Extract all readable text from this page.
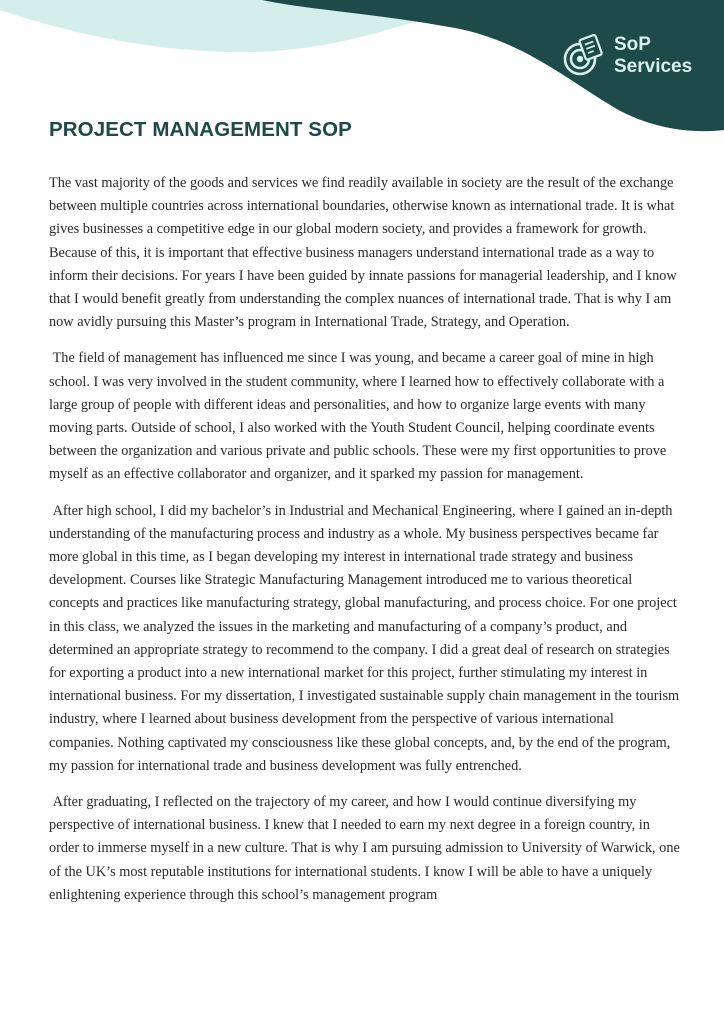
SoP
Services
PROJECT MANAGEMENT SOP

The vast majority of the goods and services we find readily available in society are the result of the exchange between multiple countries across international boundaries, otherwise known as international trade. It is what gives businesses a competitive edge in our global modern society, and provides a framework for growth. Because of this, it is important that effective business managers understand international trade as a way to inform their decisions. For years I have been guided by innate passions for managerial leadership, and I know that I would benefit greatly from understanding the complex nuances of international trade. That is why I am now avidly pursuing this Master’s program in International Trade, Strategy, and Operation.

The field of management has influenced me since I was young, and became a career goal of mine in high school. I was very involved in the student community, where I learned how to effectively collaborate with a large group of people with different ideas and personalities, and how to organize large events with many moving parts. Outside of school, I also worked with the Youth Student Council, helping coordinate events between the organization and various private and public schools. These were my first opportunities to prove myself as an effective collaborator and organizer, and it sparked my passion for management.

After high school, I did my bachelor’s in Industrial and Mechanical Engineering, where I gained an in-depth understanding of the manufacturing process and industry as a whole. My business perspectives became far more global in this time, as I began developing my interest in international trade strategy and business development. Courses like Strategic Manufacturing Management introduced me to various theoretical concepts and practices like manufacturing strategy, global manufacturing, and process choice. For one project in this class, we analyzed the issues in the marketing and manufacturing of a company’s product, and determined an appropriate strategy to recommend to the company. I did a great deal of research on strategies for exporting a product into a new international market for this project, further stimulating my interest in international business. For my dissertation, I investigated sustainable supply chain management in the tourism industry, where I learned about business development from the perspective of various international companies. Nothing captivated my consciousness like these global concepts, and, by the end of the program, my passion for international trade and business development was fully entrenched.

After graduating, I reflected on the trajectory of my career, and how I would continue diversifying my perspective of international business. I knew that I needed to earn my next degree in a foreign country, in order to immerse myself in a new culture. That is why I am pursuing admission to University of Warwick, one of the UK’s most reputable institutions for international students. I know I will be able to have a uniquely enlightening experience through this school’s management program
